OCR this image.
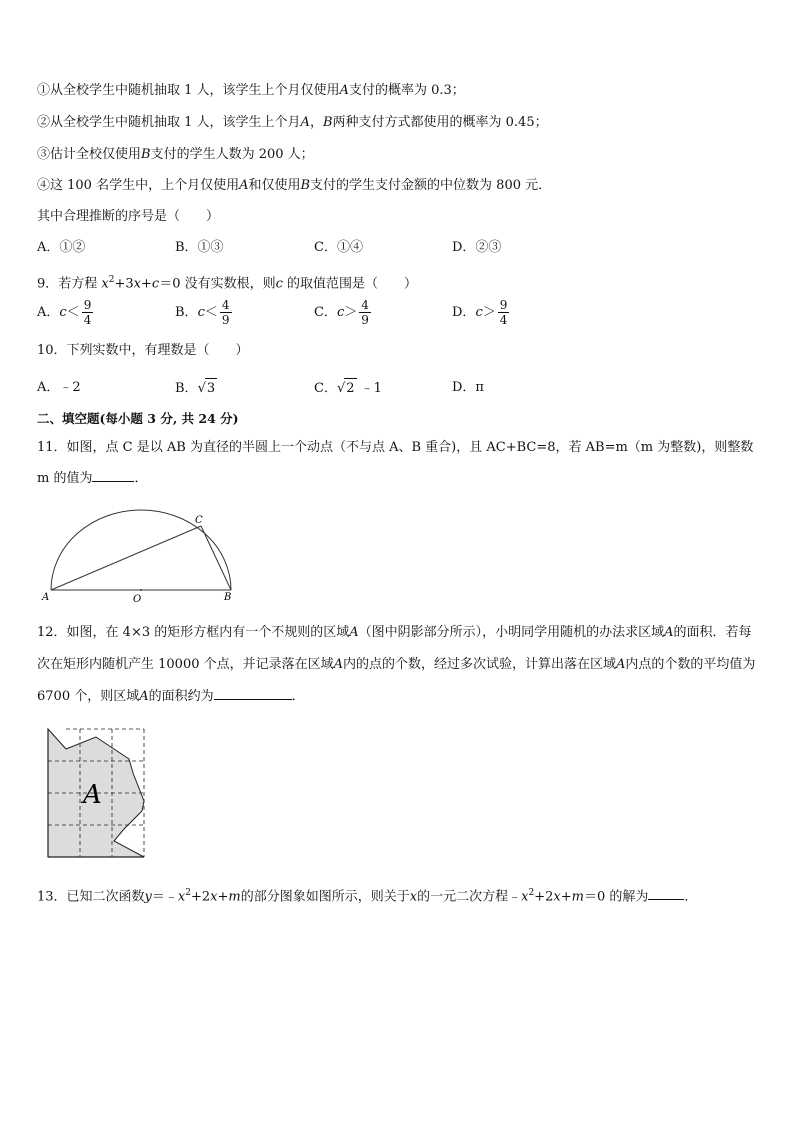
①从全校学生中随机抽取 1 人，该学生上个月仅使用A支付的概率为 0.3；
②从全校学生中随机抽取 1 人，该学生上个月A，B两种支付方式都使用的概率为 0.45；
③估计全校仅使用B支付的学生人数为 200 人；
④这 100 名学生中，上个月仅使用A和仅使用B支付的学生支付金额的中位数为 800 元．
其中合理推断的序号是（　　）
A．①②	B．①③	C．①④	D．②③
9．若方程 $x^2+3x+c=0$ 没有实数根，则c 的取值范围是（　　）
A．$c< \frac{9}{4}$	B．$c< \frac{4}{9}$	C．$c> \frac{4}{9}$	D．$c> \frac{9}{4}$
10．下列实数中，有理数是（　　）
A．﹣2	B．√3	C．√2 ﹣1	D．π
二、填空题(每小题 3 分, 共 24 分)
11．如图，点 C 是以 AB 为直径的半圆上一个动点（不与点 A、B 重合)，且 AC+BC=8，若 AB=m（m 为整数)，则整数 m 的值为	．
A	O	B
C
12．如图，在 4×3 的矩形方框内有一个不规则的区域A（图中阴影部分所示），小明同学用随机的办法求区域A的面积．若每次在矩形内随机产生 10000 个点，并记录落在区域A内的点的个数，经过多次试验，计算出落在区域A内点的个数的平均值为 6700 个，则区域A的面积约为	．
A
13．已知二次函数$y=﹣x^2+2x+m$的部分图象如图所示，则关于x的一元二次方程$﹣x^2+2x+m=0$ 的解为	．
